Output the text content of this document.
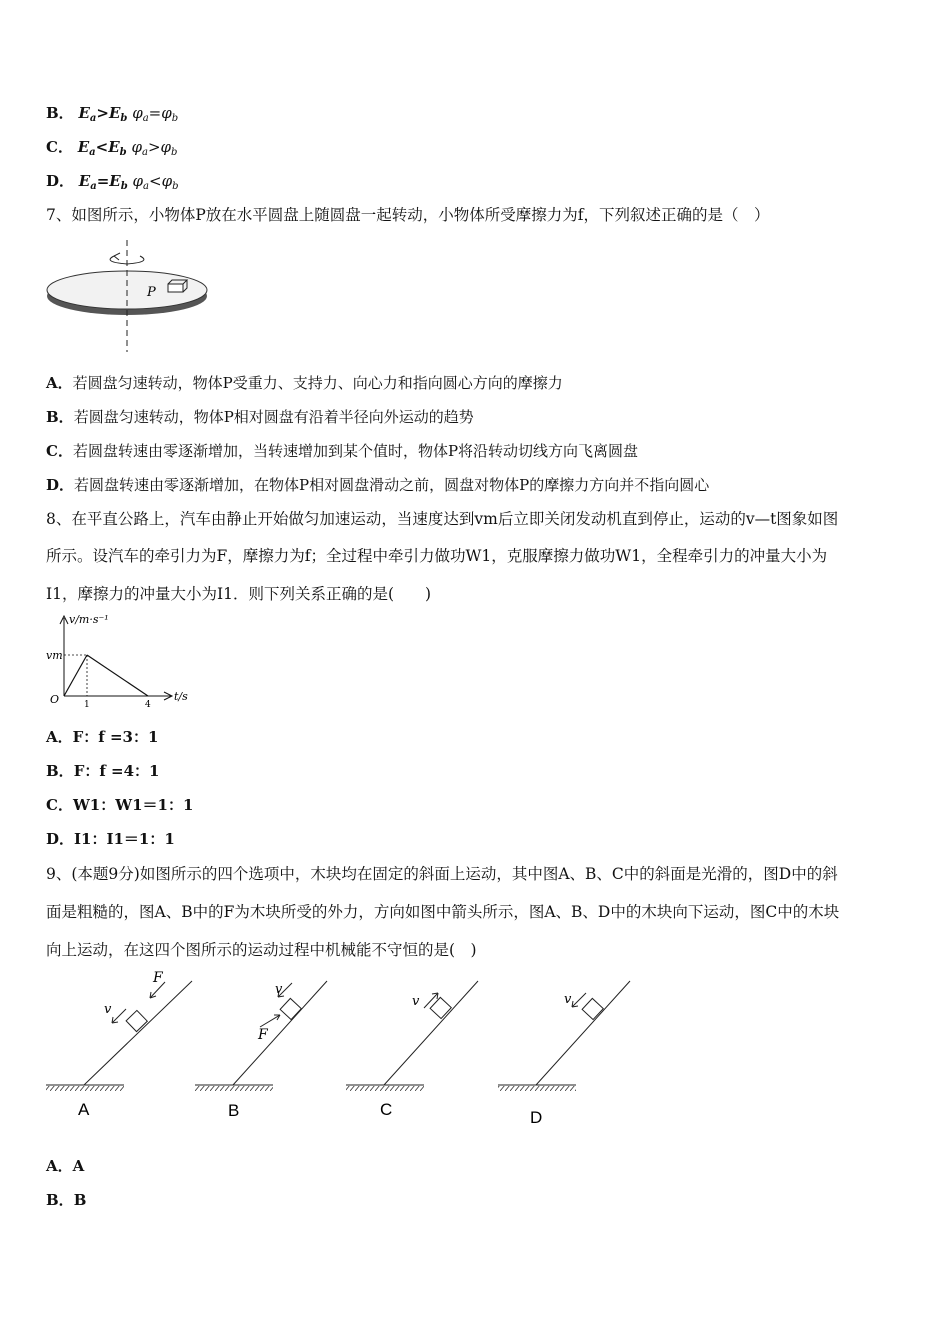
B． $E_a>E_b$ $\varphi_a=\varphi_b$
C． $E_a<E_b$ $\varphi_a>\varphi_b$
D． $E_a=E_b$ $\varphi_a<\varphi_b$
7、如图所示，小物体P放在水平圆盘上随圆盘一起转动，小物体所受摩擦力为f，下列叙述正确的是（　）
P
A．若圆盘匀速转动，物体P受重力、支持力、向心力和指向圆心方向的摩擦力
B．若圆盘匀速转动，物体P相对圆盘有沿着半径向外运动的趋势
C．若圆盘转速由零逐渐增加，当转速增加到某个值时，物体P将沿转动切线方向飞离圆盘
D．若圆盘转速由零逐渐增加，在物体P相对圆盘滑动之前，圆盘对物体P的摩擦力方向并不指向圆心
8、在平直公路上，汽车由静止开始做匀加速运动，当速度达到vm后立即关闭发动机直到停止，运动的v—t图象如图
所示。设汽车的牵引力为F，摩擦力为f；全过程中牵引力做功W1，克服摩擦力做功W1，全程牵引力的冲量大小为
I1，摩擦力的冲量大小为I1．则下列关系正确的是(　　)
v/m·s⁻¹
t/s
O
vm
1	4
A．F：f =3：1
B．F：f =4：1
C．W1：W1＝1：1
D．I1：I1＝1：1
9、(本题9分)如图所示的四个选项中，木块均在固定的斜面上运动，其中图A、B、C中的斜面是光滑的，图D中的斜
面是粗糙的，图A、B中的F为木块所受的外力，方向如图中箭头所示，图A、B、D中的木块向下运动，图C中的木块
向上运动，在这四个图所示的运动过程中机械能不守恒的是(　)
F
v
A
F
v
B
v
C
v
D
A．A
B．B
